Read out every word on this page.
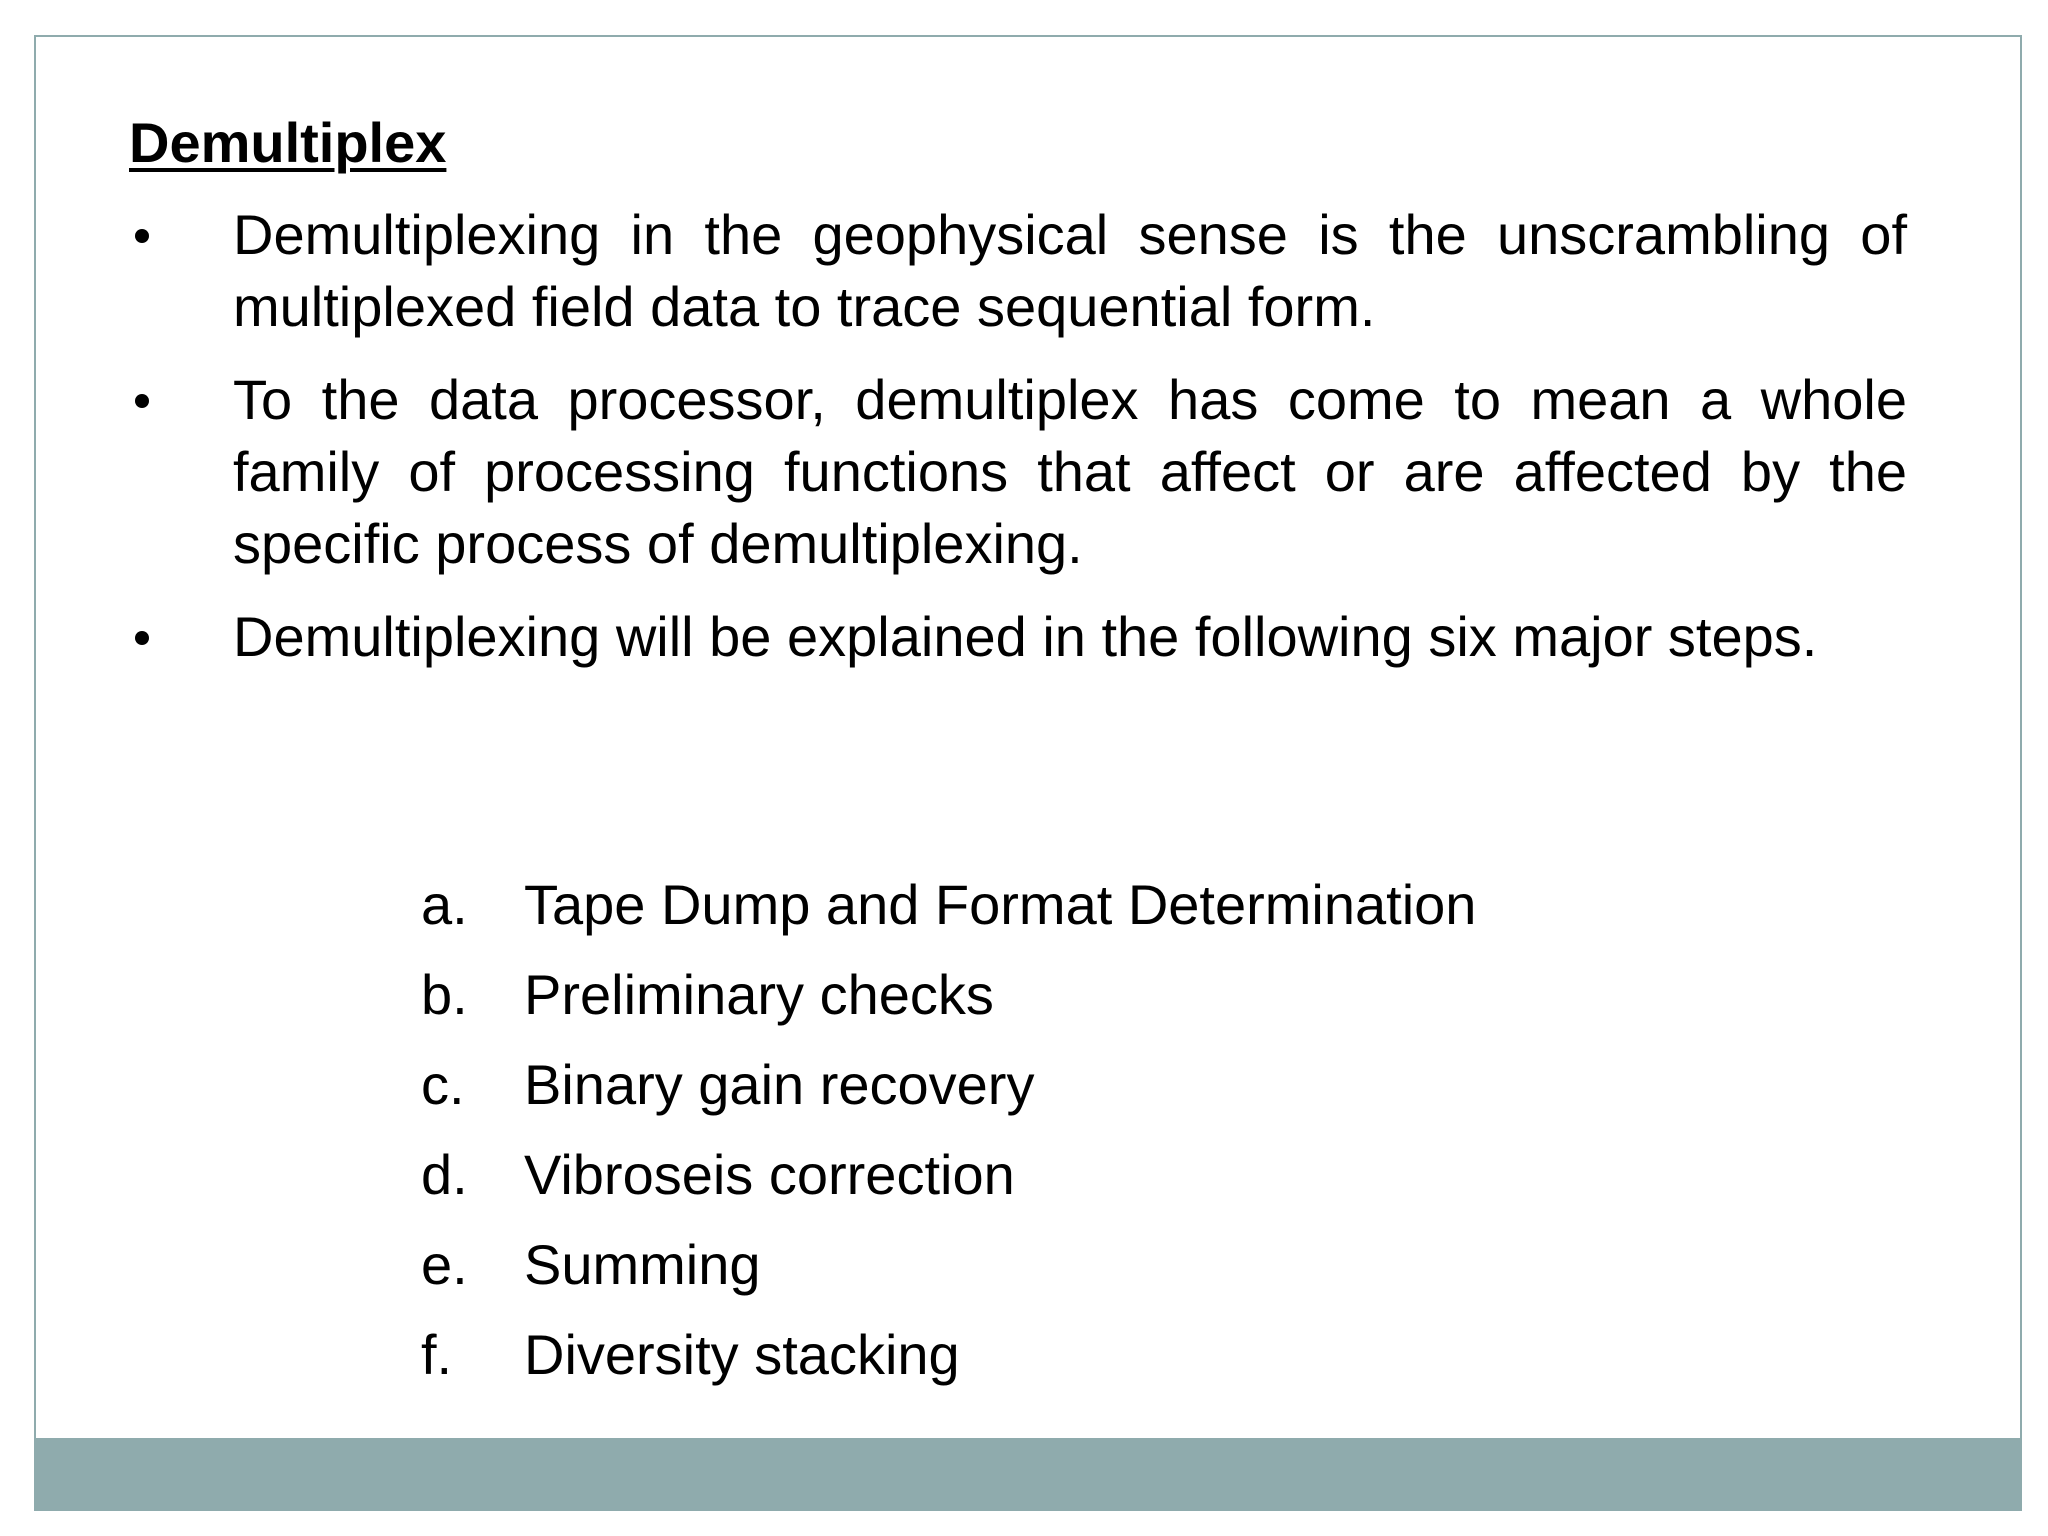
Demultiplex
Demultiplexing in the geophysical sense is the unscrambling of multiplexed field data to trace sequential form.
To the data processor, demultiplex has come to mean a whole family of processing functions that affect or are affected by the specific process of demultiplexing.
Demultiplexing will be explained in the following six major steps.
a. Tape Dump and Format Determination
b. Preliminary checks
c. Binary gain recovery
d. Vibroseis correction
e. Summing
f. Diversity stacking
